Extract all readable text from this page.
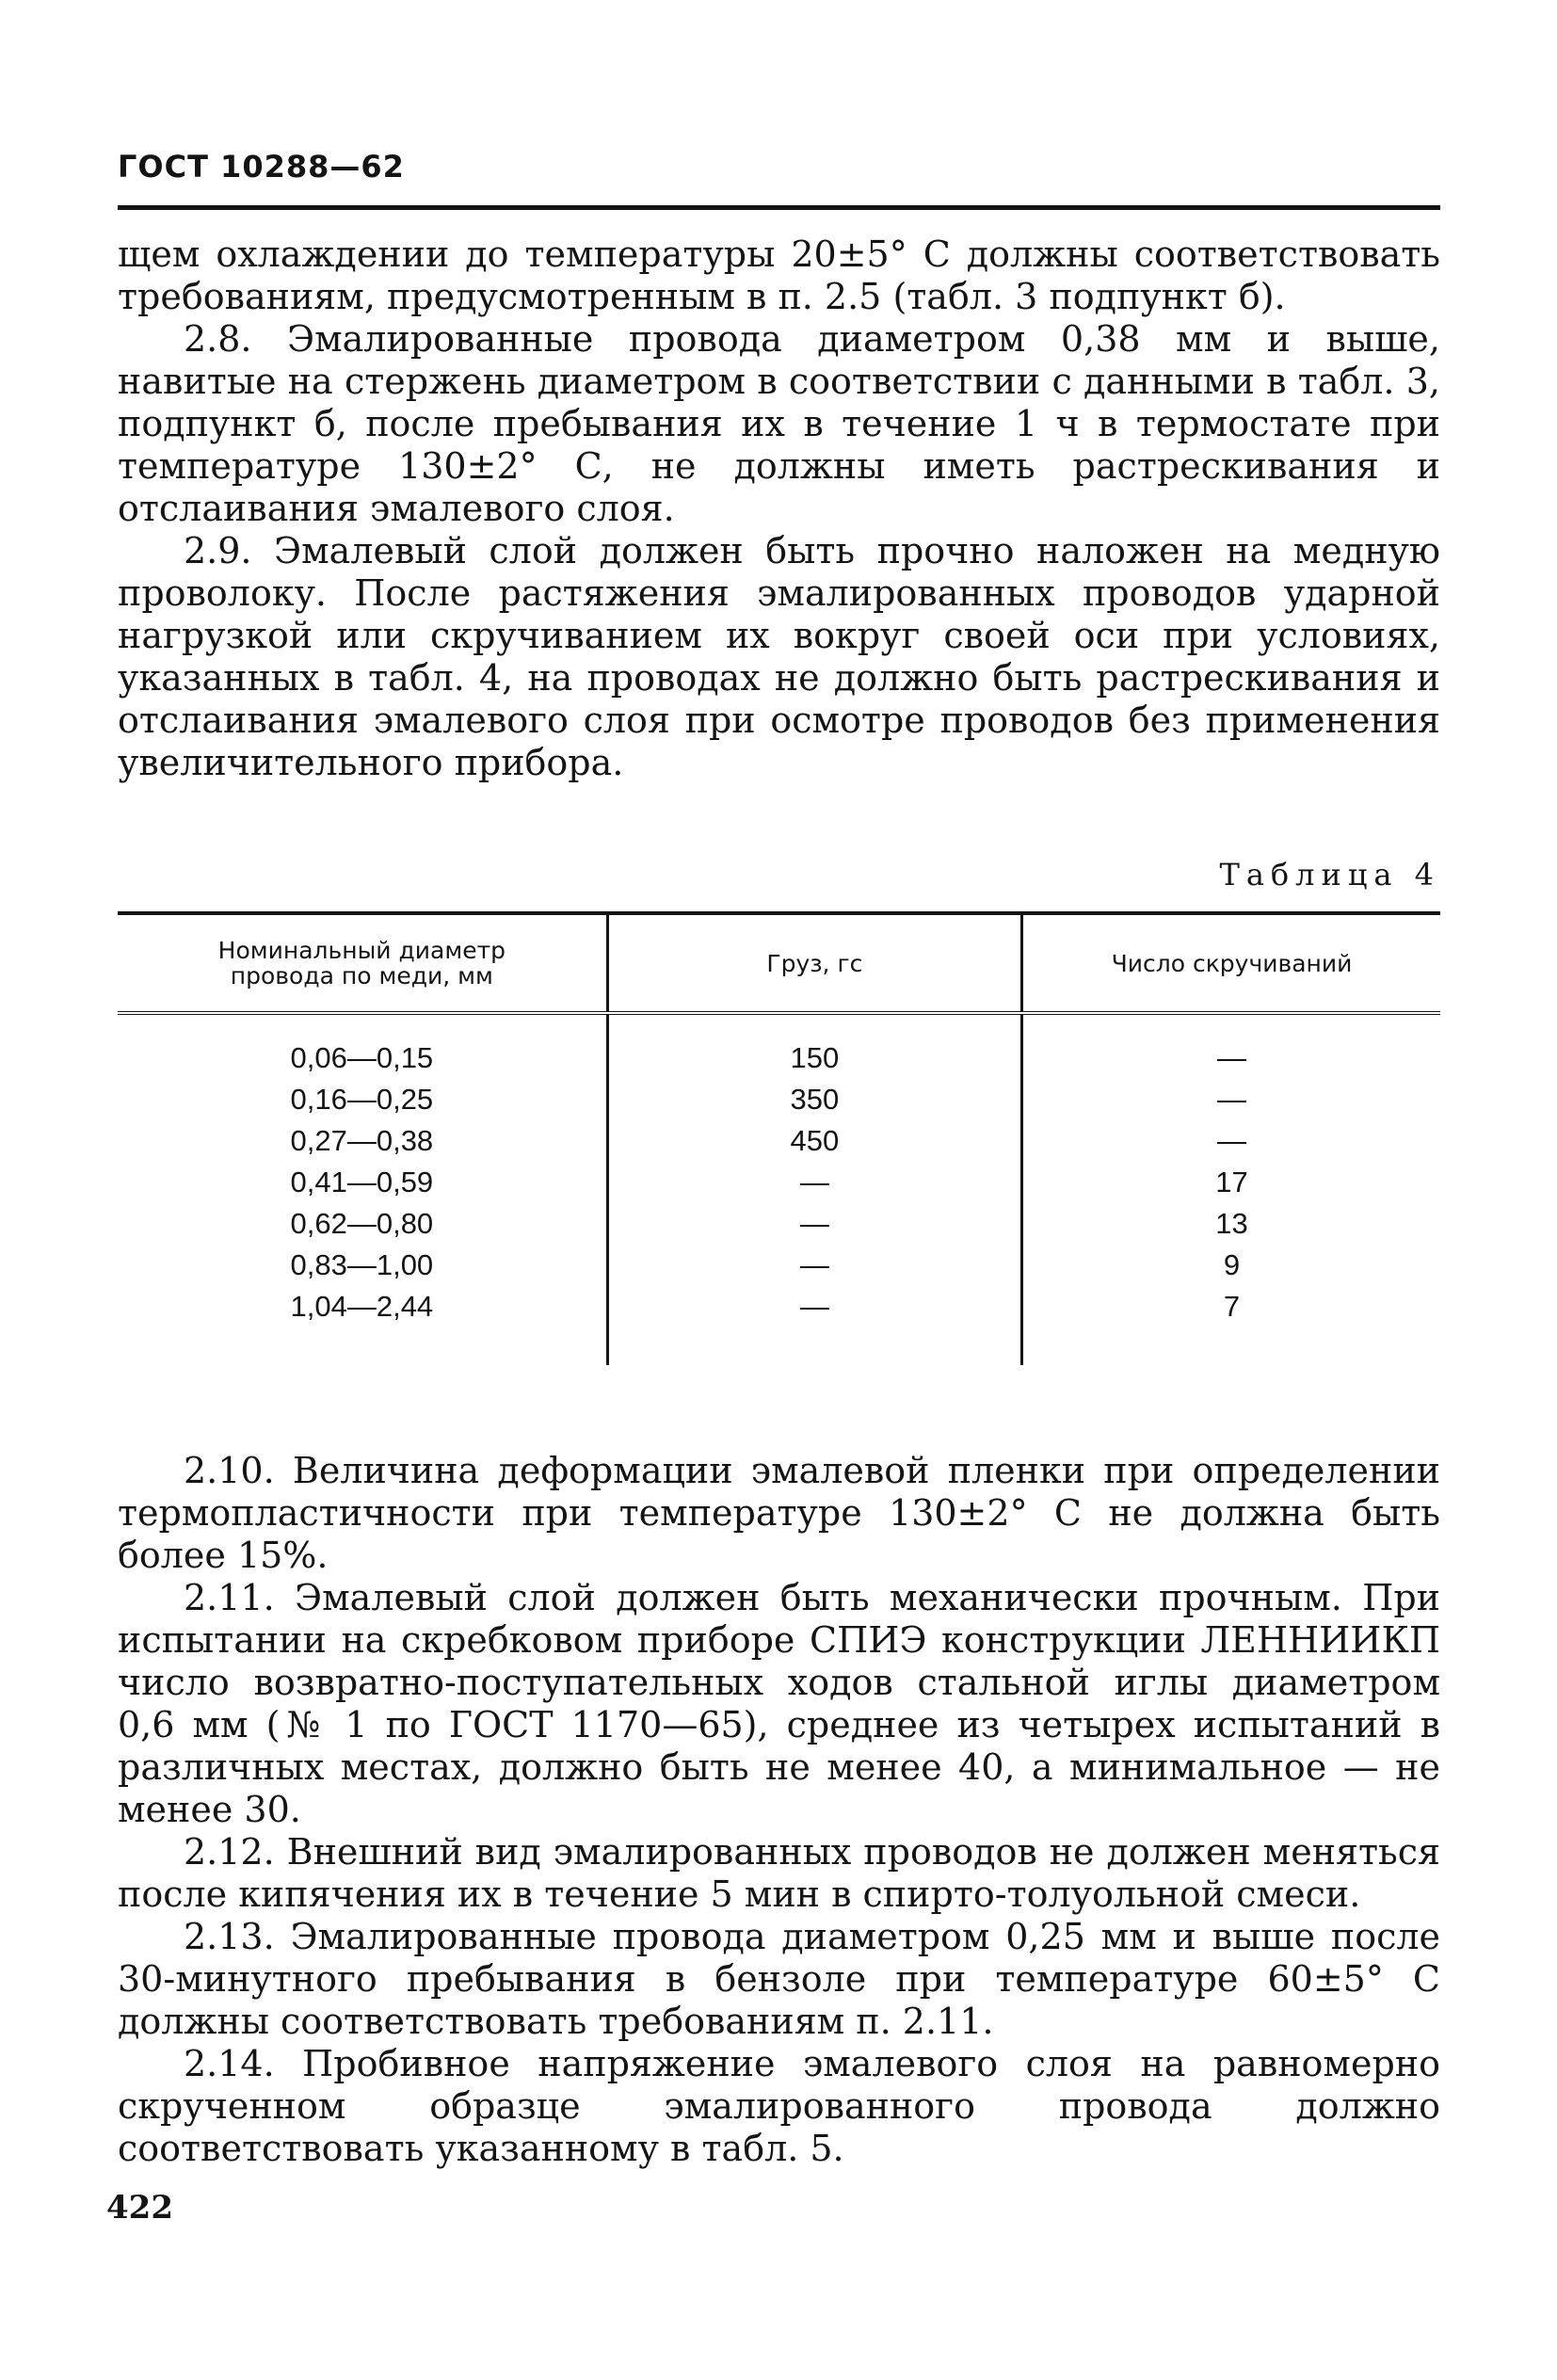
ГОСТ 10288—62

щем охлаждении до температуры 20±5° С должны соответствовать требованиям, предусмотренным в п. 2.5 (табл. 3 подпункт б).

2.8. Эмалированные провода диаметром 0,38 мм и выше, навитые на стержень диаметром в соответствии с данными в табл. 3, подпункт б, после пребывания их в течение 1 ч в термостате при температуре 130±2° С, не должны иметь растрескивания и отслаивания эмалевого слоя.

2.9. Эмалевый слой должен быть прочно наложен на медную проволоку. После растяжения эмалированных проводов ударной нагрузкой или скручиванием их вокруг своей оси при условиях, указанных в табл. 4, на проводах не должно быть растрескивания и отслаивания эмалевого слоя при осмотре проводов без применения увеличительного прибора.

Таблица 4
Номинальный диаметр провода по меди, мм	Груз, гс	Число скручиваний
0,06—0,15	150	—
0,16—0,25	350	—
0,27—0,38	450	—
0,41—0,59	—	17
0,62—0,80	—	13
0,83—1,00	—	9
1,04—2,44	—	7

2.10. Величина деформации эмалевой пленки при определении термопластичности при температуре 130±2° С не должна быть более 15%.

2.11. Эмалевый слой должен быть механически прочным. При испытании на скребковом приборе СПИЭ конструкции ЛЕННИИКП число возвратно-поступательных ходов стальной иглы диаметром 0,6 мм (№ 1 по ГОСТ 1170—65), среднее из четырех испытаний в различных местах, должно быть не менее 40, а минимальное — не менее 30.

2.12. Внешний вид эмалированных проводов не должен меняться после кипячения их в течение 5 мин в спирто-толуольной смеси.

2.13. Эмалированные провода диаметром 0,25 мм и выше после 30-минутного пребывания в бензоле при температуре 60±5° С должны соответствовать требованиям п. 2.11.

2.14. Пробивное напряжение эмалевого слоя на равномерно скрученном образце эмалированного провода должно соответствовать указанному в табл. 5.

422
